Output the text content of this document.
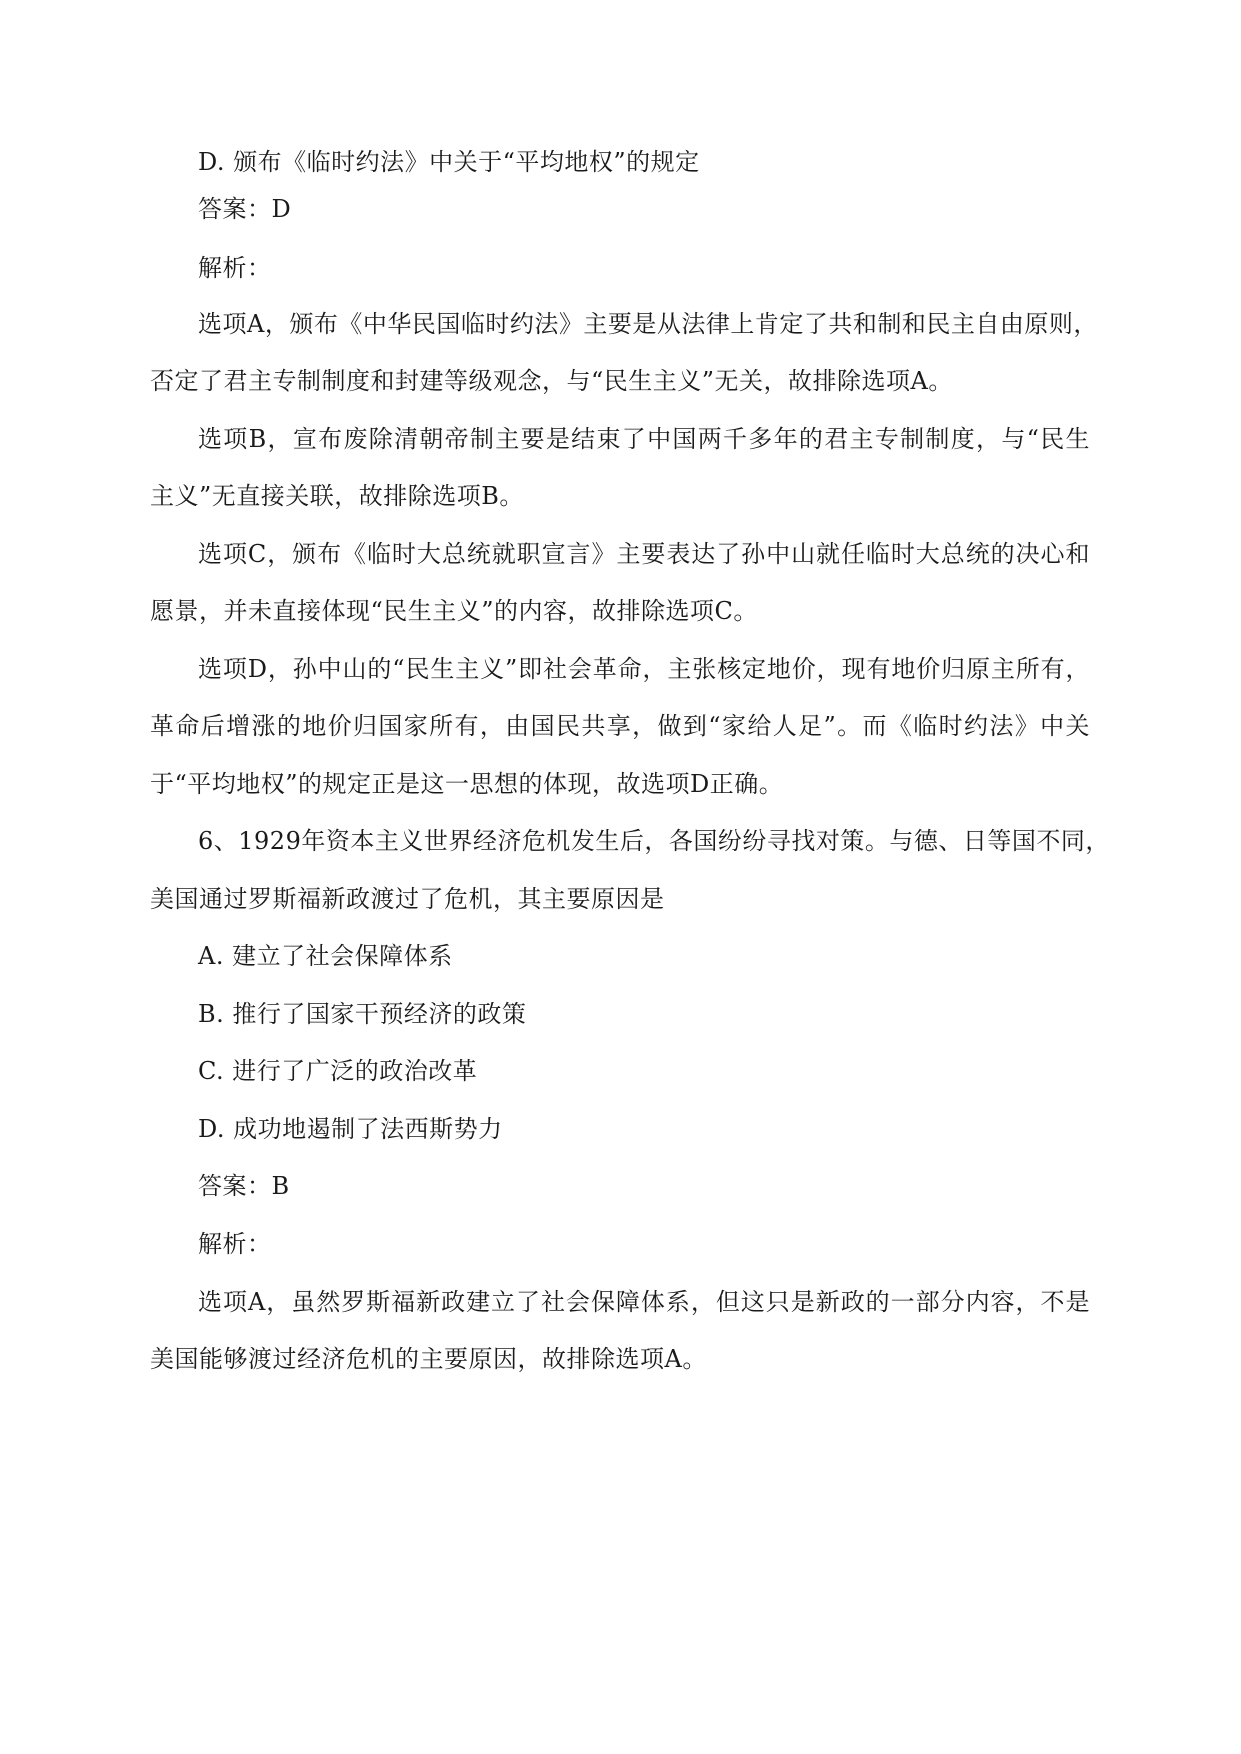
D. 颁布《临时约法》中关于“平均地权”的规定
答案：D
解析：
选项A，颁布《中华民国临时约法》主要是从法律上肯定了共和制和民主自由原则，
否定了君主专制制度和封建等级观念，与“民生主义”无关，故排除选项A。
选项B，宣布废除清朝帝制主要是结束了中国两千多年的君主专制制度，与“民生
主义”无直接关联，故排除选项B。
选项C，颁布《临时大总统就职宣言》主要表达了孙中山就任临时大总统的决心和
愿景，并未直接体现“民生主义”的内容，故排除选项C。
选项D，孙中山的“民生主义”即社会革命，主张核定地价，现有地价归原主所有，
革命后增涨的地价归国家所有，由国民共享，做到“家给人足”。而《临时约法》中关
于“平均地权”的规定正是这一思想的体现，故选项D正确。
6、1929年资本主义世界经济危机发生后，各国纷纷寻找对策。与德、日等国不同，
美国通过罗斯福新政渡过了危机，其主要原因是
A. 建立了社会保障体系
B. 推行了国家干预经济的政策
C. 进行了广泛的政治改革
D. 成功地遏制了法西斯势力
答案：B
解析：
选项A，虽然罗斯福新政建立了社会保障体系，但这只是新政的一部分内容，不是
美国能够渡过经济危机的主要原因，故排除选项A。
